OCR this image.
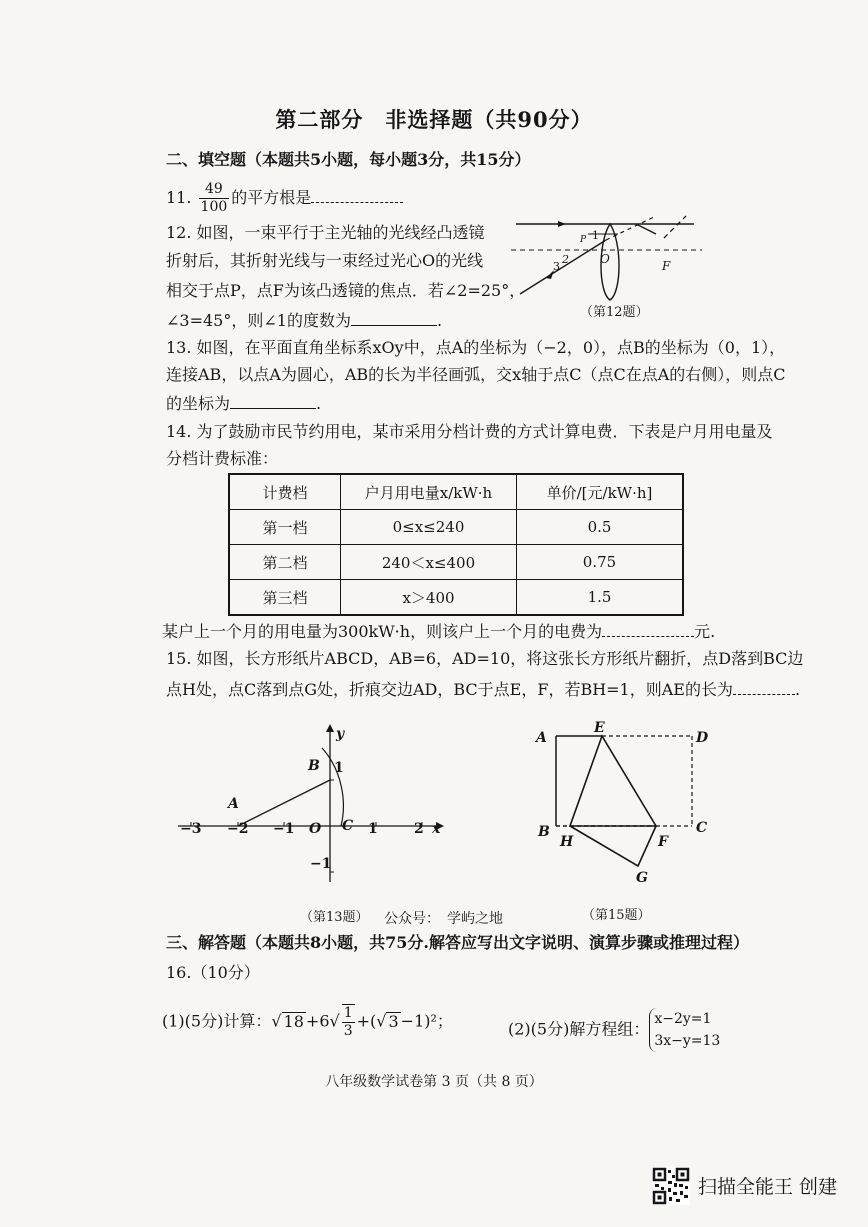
第二部分　非选择题（共90分）
二、填空题（本题共5小题，每小题3分，共15分）
11. $\frac{49}{100}$ 的平方根是
12. 如图，一束平行于主光轴的光线经凸透镜
折射后，其折射光线与一束经过光心O的光线
相交于点P，点F为该凸透镜的焦点．若∠2=25°，
∠3=45°，则∠1的度数为	.
1
2
3
O	F
P
（第12题）
13. 如图，在平面直角坐标系xOy中，点A的坐标为（−2，0），点B的坐标为（0，1），
连接AB，以点A为圆心，AB的长为半径画弧，交x轴于点C（点C在点A的右侧），则点C
的坐标为	.
14. 为了鼓励市民节约用电，某市采用分档计费的方式计算电费．下表是户月用电量及
分档计费标准：
计费档	户月用电量x/kW·h	单价/[元/kW·h]
第一档	0≤x≤240	0.5
第二档	240＜x≤400	0.75
第三档	x＞400	1.5
某户上一个月的用电量为300kW·h，则该户上一个月的电费为	元.
15. 如图，长方形纸片ABCD，AB=6，AD=10，将这张长方形纸片翻折，点D落到BC边
点H处，点C落到点G处，折痕交边AD，BC于点E，F，若BH=1，则AE的长为	.
−3 −2 −1 O	1	2
1
−1
x
y
A
B
C
（第13题） 公众号：　学屿之地
A
E
D
B
H	F
C
G
（第15题）
三、解答题（本题共8小题，共75分.解答应写出文字说明、演算步骤或推理过程）
16.（10分）
(1)(5分)计算：√ $18 +6√ \frac{1}{3}$ +(√ 3 −1)²；	(2)(5分)解方程组：
x−2y=1
3x−y=13
八年级数学试卷第 3 页（共 8 页）
扫描全能王 创建
